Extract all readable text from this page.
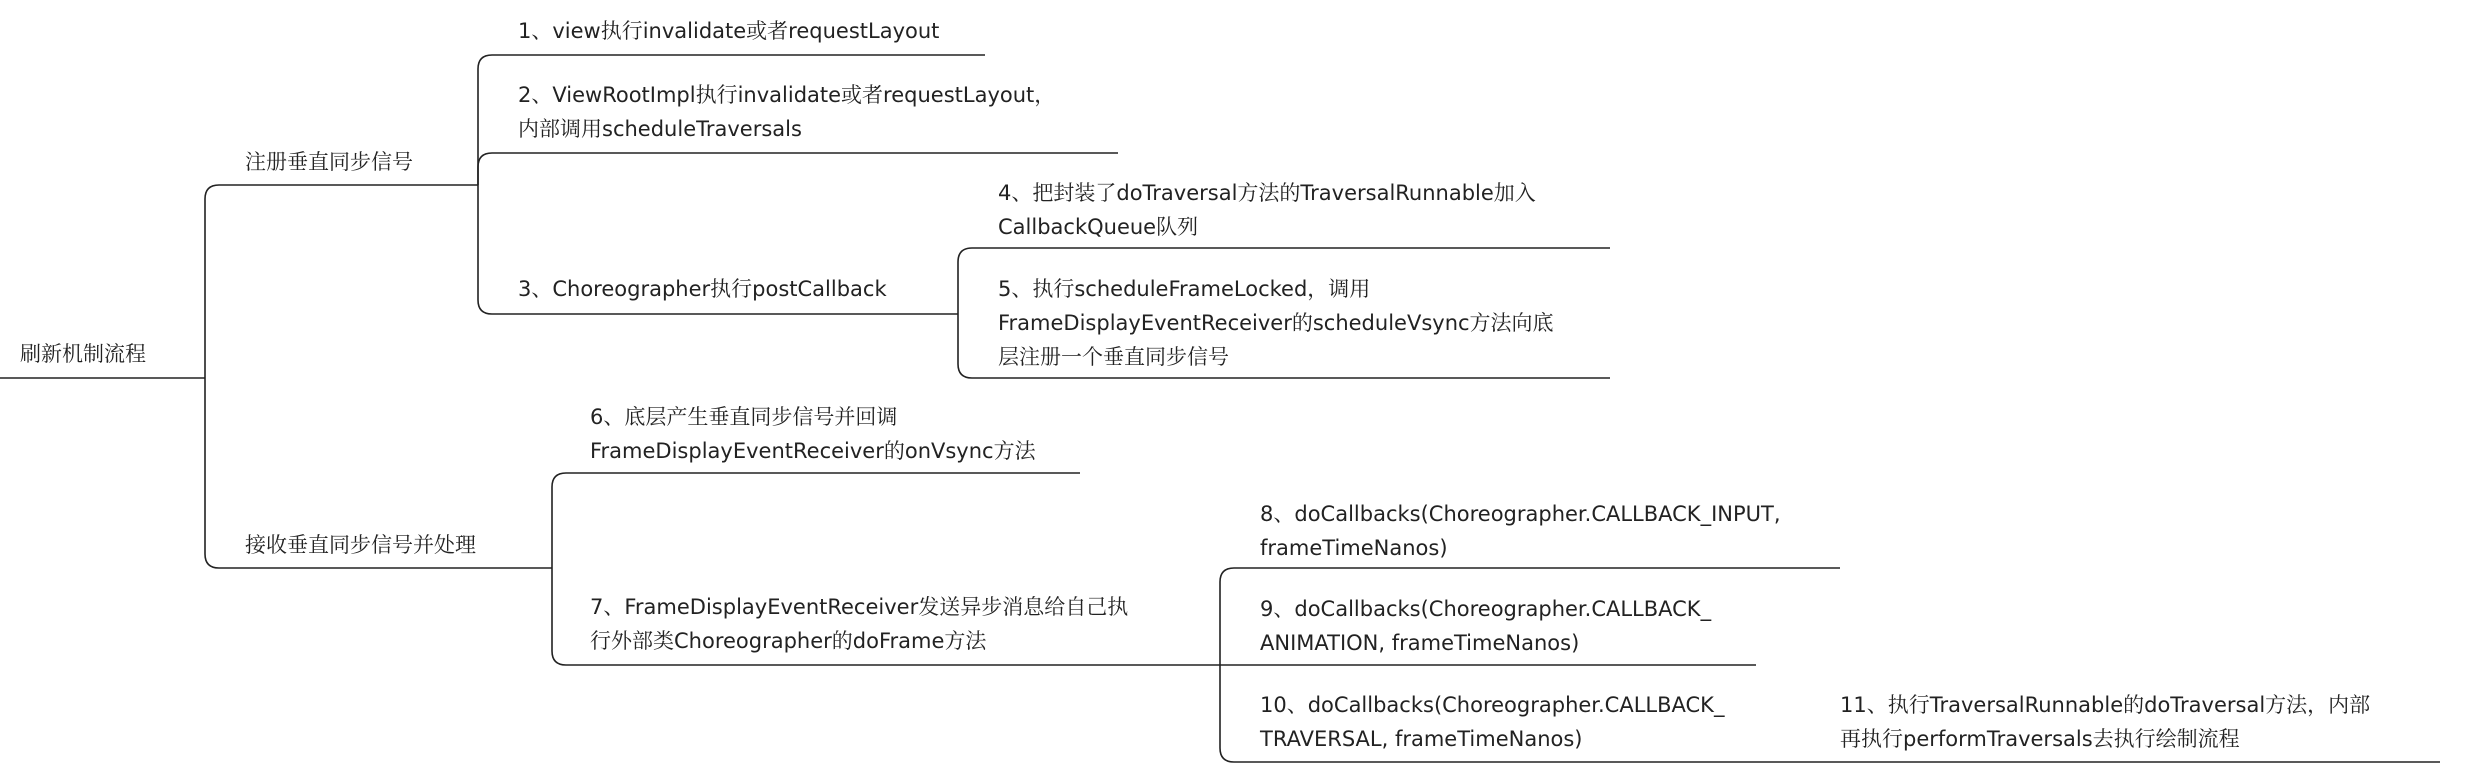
刷新机制流程
注册垂直同步信号
接收垂直同步信号并处理
1、view执行invalidate或者requestLayout
2、ViewRootImpl执行invalidate或者requestLayout，
内部调用scheduleTraversals
3、Choreographer执行postCallback
4、把封装了doTraversal方法的TraversalRunnable加入
CallbackQueue队列
5、执行scheduleFrameLocked，调用
FrameDisplayEventReceiver的scheduleVsync方法向底
层注册一个垂直同步信号
6、底层产生垂直同步信号并回调
FrameDisplayEventReceiver的onVsync方法
7、FrameDisplayEventReceiver发送异步消息给自己执
行外部类Choreographer的doFrame方法
8、doCallbacks(Choreographer.CALLBACK_INPUT,
frameTimeNanos)
9、doCallbacks(Choreographer.CALLBACK_
ANIMATION, frameTimeNanos)
10、doCallbacks(Choreographer.CALLBACK_
TRAVERSAL, frameTimeNanos)
11、执行TraversalRunnable的doTraversal方法，内部
再执行performTraversals去执行绘制流程
